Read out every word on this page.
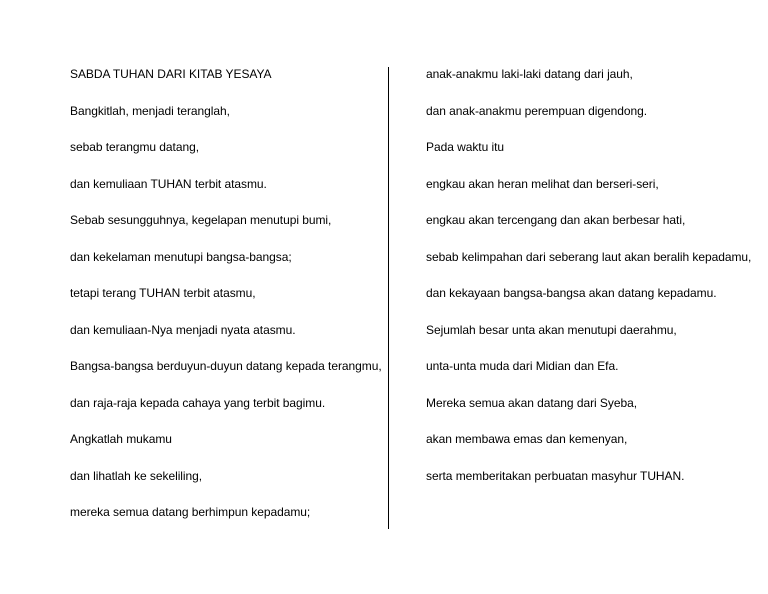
SABDA TUHAN DARI KITAB YESAYA
Bangkitlah, menjadi teranglah,
sebab terangmu datang,
dan kemuliaan TUHAN terbit atasmu.
Sebab sesungguhnya, kegelapan menutupi bumi,
dan kekelaman menutupi bangsa-bangsa;
tetapi terang TUHAN terbit atasmu,
dan kemuliaan-Nya menjadi nyata atasmu.
Bangsa-bangsa berduyun-duyun datang kepada terangmu,
dan raja-raja kepada cahaya yang terbit bagimu.
Angkatlah mukamu
dan lihatlah ke sekeliling,
mereka semua datang berhimpun kepadamu;
anak-anakmu laki-laki datang dari jauh,
dan anak-anakmu perempuan digendong.
Pada waktu itu
engkau akan heran melihat dan berseri-seri,
engkau akan tercengang dan akan berbesar hati,
sebab kelimpahan dari seberang laut akan beralih kepadamu,
dan kekayaan bangsa-bangsa akan datang kepadamu.
Sejumlah besar unta akan menutupi daerahmu,
unta-unta muda dari Midian dan Efa.
Mereka semua akan datang dari Syeba,
akan membawa emas dan kemenyan,
serta memberitakan perbuatan masyhur TUHAN.
